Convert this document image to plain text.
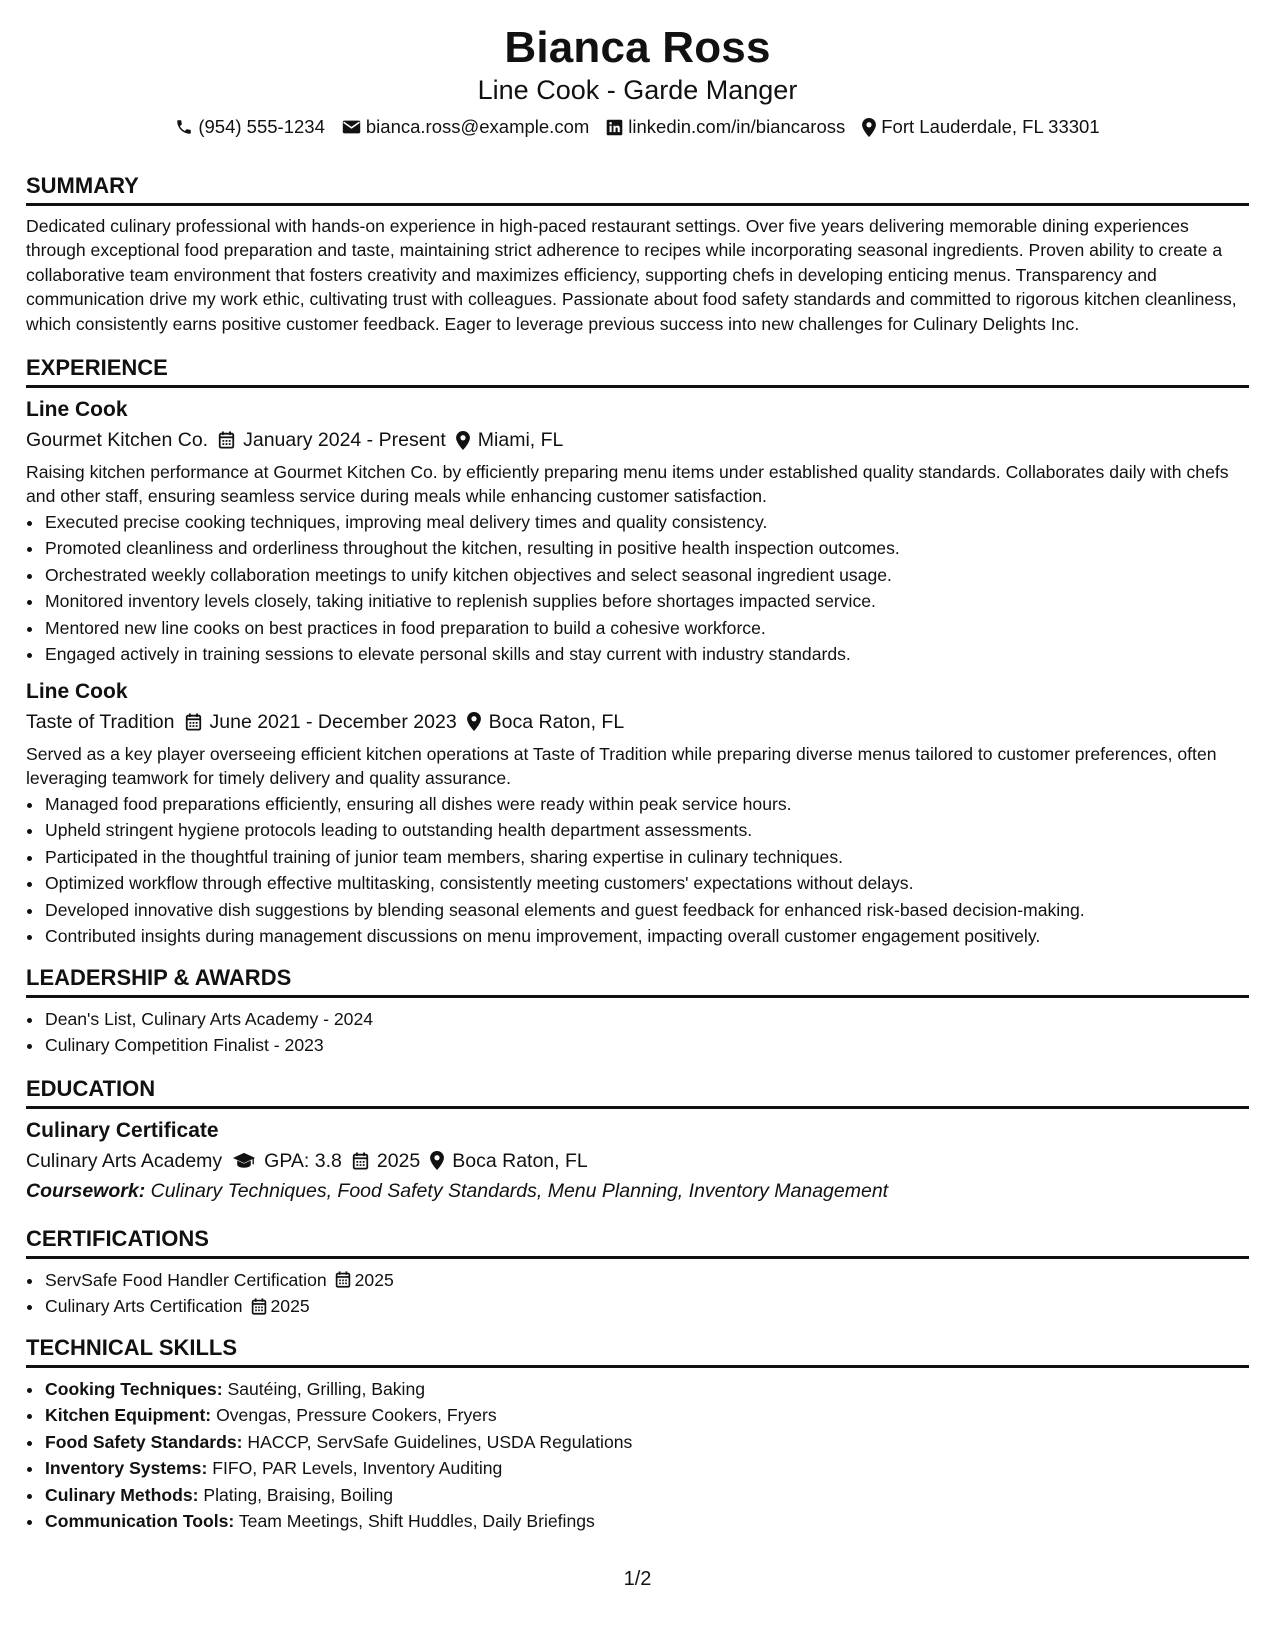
Bianca Ross
Line Cook - Garde Manger
(954) 555-1234 bianca.ross@example.com linkedin.com/in/biancaross Fort Lauderdale, FL 33301
SUMMARY

Dedicated culinary professional with hands-on experience in high-paced restaurant settings. Over five years delivering memorable dining experiences through exceptional food preparation and taste, maintaining strict adherence to recipes while incorporating seasonal ingredients. Proven ability to create a collaborative team environment that fosters creativity and maximizes efficiency, supporting chefs in developing enticing menus. Transparency and communication drive my work ethic, cultivating trust with colleagues. Passionate about food safety standards and committed to rigorous kitchen cleanliness, which consistently earns positive customer feedback. Eager to leverage previous success into new challenges for Culinary Delights Inc.

EXPERIENCE
Line Cook
Gourmet Kitchen Co. January 2024 - Present Miami, FL

Raising kitchen performance at Gourmet Kitchen Co. by efficiently preparing menu items under established quality standards. Collaborates daily with chefs and other staff, ensuring seamless service during meals while enhancing customer satisfaction.

• Executed precise cooking techniques, improving meal delivery times and quality consistency.
• Promoted cleanliness and orderliness throughout the kitchen, resulting in positive health inspection outcomes.
• Orchestrated weekly collaboration meetings to unify kitchen objectives and select seasonal ingredient usage.
• Monitored inventory levels closely, taking initiative to replenish supplies before shortages impacted service.
• Mentored new line cooks on best practices in food preparation to build a cohesive workforce.
• Engaged actively in training sessions to elevate personal skills and stay current with industry standards.
Line Cook
Taste of Tradition June 2021 - December 2023 Boca Raton, FL

Served as a key player overseeing efficient kitchen operations at Taste of Tradition while preparing diverse menus tailored to customer preferences, often leveraging teamwork for timely delivery and quality assurance.

• Managed food preparations efficiently, ensuring all dishes were ready within peak service hours.
• Upheld stringent hygiene protocols leading to outstanding health department assessments.
• Participated in the thoughtful training of junior team members, sharing expertise in culinary techniques.
• Optimized workflow through effective multitasking, consistently meeting customers' expectations without delays.
• Developed innovative dish suggestions by blending seasonal elements and guest feedback for enhanced risk-based decision-making.
• Contributed insights during management discussions on menu improvement, impacting overall customer engagement positively.
LEADERSHIP & AWARDS
• Dean's List, Culinary Arts Academy - 2024
• Culinary Competition Finalist - 2023
EDUCATION
Culinary Certificate
Culinary Arts Academy GPA: 3.8 2025 Boca Raton, FL
Coursework: Culinary Techniques, Food Safety Standards, Menu Planning, Inventory Management
CERTIFICATIONS
• ServSafe Food Handler Certification 2025
• Culinary Arts Certification 2025
TECHNICAL SKILLS
• Cooking Techniques: Sautéing, Grilling, Baking
• Kitchen Equipment: Ovengas, Pressure Cookers, Fryers
• Food Safety Standards: HACCP, ServSafe Guidelines, USDA Regulations
• Inventory Systems: FIFO, PAR Levels, Inventory Auditing
• Culinary Methods: Plating, Braising, Boiling
• Communication Tools: Team Meetings, Shift Huddles, Daily Briefings
1/2
